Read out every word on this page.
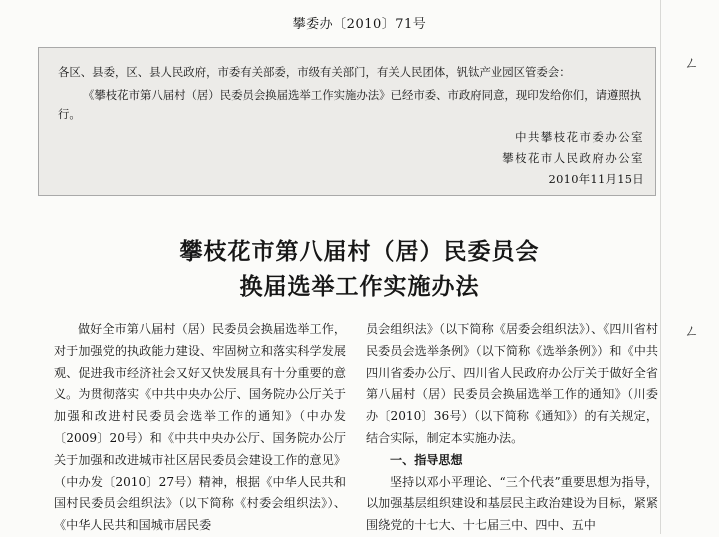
攀委办〔2010〕71号
各区、县委，区、县人民政府，市委有关部委，市级有关部门，有关人民团体，钒钛产业园区管委会：
《攀枝花市第八届村（居）民委员会换届选举工作实施办法》已经市委、市政府同意，现印发给你们，请遵照执行。
中共攀枝花市委办公室
攀枝花市人民政府办公室
2010年11月15日
ㄥ
ㄥ
攀枝花市第八届村（居）民委员会
换届选举工作实施办法

做好全市第八届村（居）民委员会换届选举工作，对于加强党的执政能力建设、牢固树立和落实科学发展观、促进我市经济社会又好又快发展具有十分重要的意义。为贯彻落实《中共中央办公厅、国务院办公厅关于加强和改进村民委员会选举工作的通知》（中办发〔2009〕20号）和《中共中央办公厅、国务院办公厅关于加强和改进城市社区居民委员会建设工作的意见》（中办发〔2010〕27号）精神，根据《中华人民共和国村民委员会组织法》（以下简称《村委会组织法》）、《中华人民共和国城市居民委

员会组织法》（以下简称《居委会组织法》）、《四川省村民委员会选举条例》（以下简称《选举条例》）和《中共四川省委办公厅、四川省人民政府办公厅关于做好全省第八届村（居）民委员会换届选举工作的通知》（川委办〔2010〕36号）（以下简称《通知》）的有关规定，结合实际，制定本实施办法。

一、指导思想

坚持以邓小平理论、“三个代表”重要思想为指导，以加强基层组织建设和基层民主政治建设为目标，紧紧围绕党的十七大、十七届三中、四中、五中
